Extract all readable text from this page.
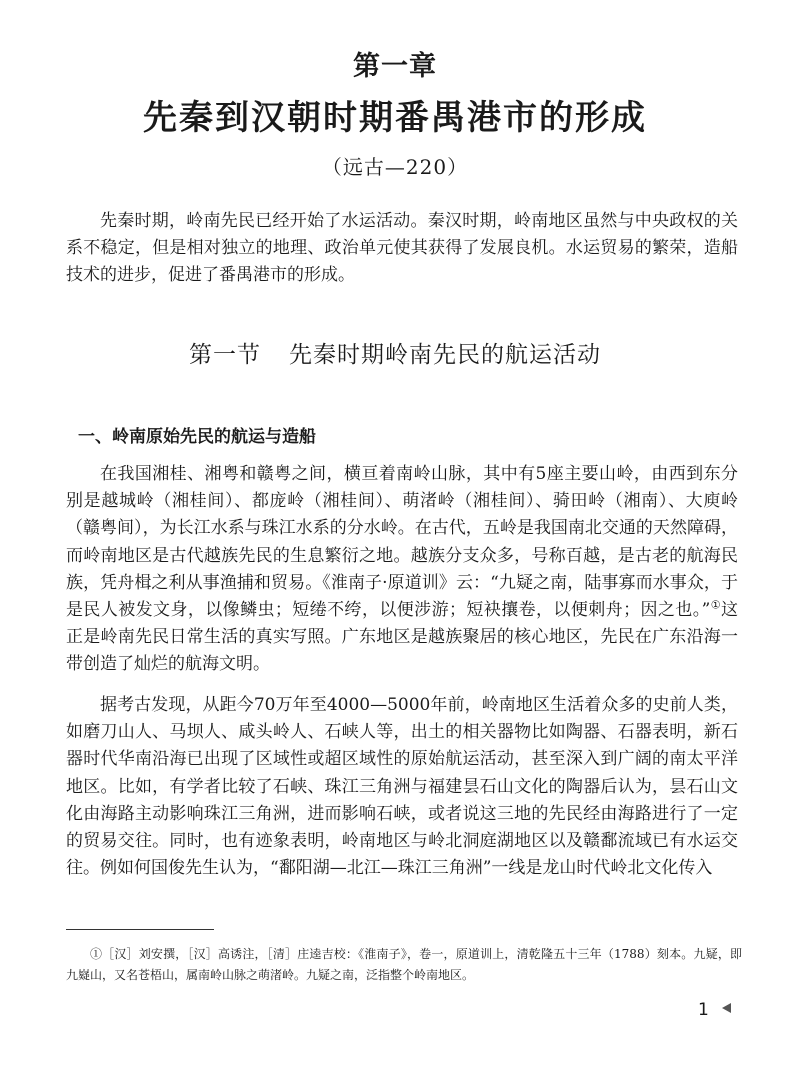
第一章
先秦到汉朝时期番禺港市的形成
（远古—220）

先秦时期，岭南先民已经开始了水运活动。秦汉时期，岭南地区虽然与中央政权的关系不稳定，但是相对独立的地理、政治单元使其获得了发展良机。水运贸易的繁荣，造船技术的进步，促进了番禺港市的形成。

第一节 先秦时期岭南先民的航运活动
一、岭南原始先民的航运与造船

在我国湘桂、湘粤和赣粤之间，横亘着南岭山脉，其中有5座主要山岭，由西到东分别是越城岭（湘桂间）、都庞岭（湘桂间）、萌渚岭（湘桂间）、骑田岭（湘南）、大庾岭（赣粤间），为长江水系与珠江水系的分水岭。在古代，五岭是我国南北交通的天然障碍，而岭南地区是古代越族先民的生息繁衍之地。越族分支众多，号称百越，是古老的航海民族，凭舟楫之利从事渔捕和贸易。《淮南子·原道训》云：“九疑之南，陆事寡而水事众，于是民人被发文身，以像鳞虫；短绻不绔，以便涉游；短袂攘卷，以便刺舟；因之也。”①这正是岭南先民日常生活的真实写照。广东地区是越族聚居的核心地区，先民在广东沿海一带创造了灿烂的航海文明。

据考古发现，从距今70万年至4000—5000年前，岭南地区生活着众多的史前人类，如磨刀山人、马坝人、咸头岭人、石峡人等，出土的相关器物比如陶器、石器表明，新石器时代华南沿海已出现了区域性或超区域性的原始航运活动，甚至深入到广阔的南太平洋地区。比如，有学者比较了石峡、珠江三角洲与福建昙石山文化的陶器后认为，昙石山文化由海路主动影响珠江三角洲，进而影响石峡，或者说这三地的先民经由海路进行了一定的贸易交往。同时，也有迹象表明，岭南地区与岭北洞庭湖地区以及赣鄱流域已有水运交往。例如何国俊先生认为，“鄱阳湖—北江—珠江三角洲”一线是龙山时代岭北文化传入

①［汉］刘安撰，［汉］高诱注，［清］庄逵吉校：《淮南子》，卷一，原道训上，清乾隆五十三年（1788）刻本。九疑，即九嶷山，又名苍梧山，属南岭山脉之萌渚岭。九疑之南，泛指整个岭南地区。

1
